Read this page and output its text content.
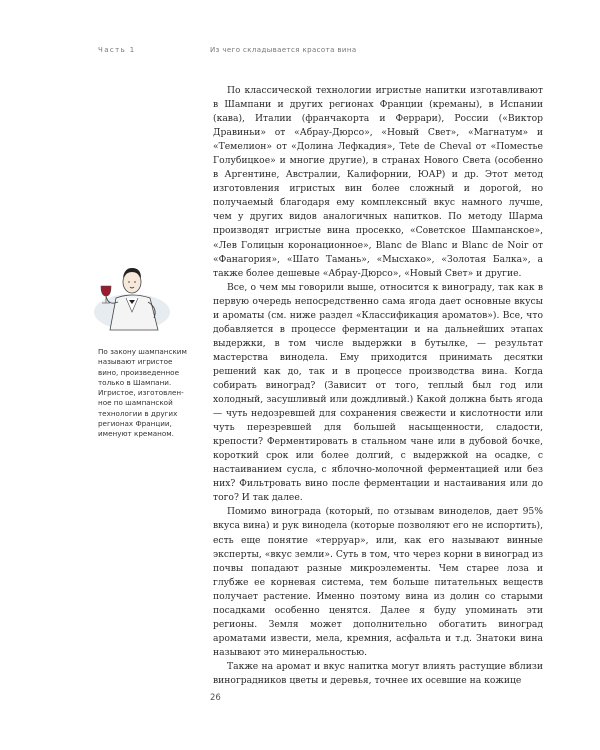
Часть 1	Из чего складывается красота вина

По классической технологии игристые напитки изготавливают в Шампани и других регионах Франции (креманы), в Испании (кава), Италии (франчакорта и Феррари), России («Виктор Дравиньи» от «Абрау-Дюрсо», «Новый Свет», «Магнатум» и «Темелион» от «Долина Лефкадия», Tete de Cheval от «Поместье Голубицкое» и многие другие), в странах Нового Света (особенно в Аргентине, Австралии, Калифорнии, ЮАР) и др. Этот метод изготовления игристых вин более сложный и дорогой, но получаемый благодаря ему комплексный вкус намного лучше, чем у других видов аналогичных напитков. По методу Шарма производят игристые вина просекко, «Советское Шампанское», «Лев Голицын коронационное», Blanc de Blanc и Blanc de Noir от «Фанагория», «Шато Тамань», «Мысхако», «Золотая Балка», а также более дешевые «Абрау-Дюрсо», «Новый Свет» и другие.

Все, о чем мы говорили выше, относится к винограду, так как в первую очередь непосредственно сама ягода дает основные вкусы и ароматы (см. ниже раздел «Классификация ароматов»). Все, что добавляется в процессе ферментации и на дальнейших этапах выдержки, в том числе выдержки в бутылке, — результат мастерства винодела. Ему приходится принимать десятки решений как до, так и в процессе производства вина. Когда собирать виноград? (Зависит от того, теплый был год или холодный, засушливый или дождливый.) Какой должна быть ягода — чуть недозревшей для сохранения свежести и кислотности или чуть перезревшей для большей насыщенности, сладости, крепости? Ферментировать в стальном чане или в дубовой бочке, короткий срок или более долгий, с выдержкой на осадке, с настаиванием сусла, с яблочно-молочной ферментацией или без них? Фильтровать вино после ферментации и настаивания или до того? И так далее.

Помимо винограда (который, по отзывам виноделов, дает 95% вкуса вина) и рук винодела (которые позволяют его не испортить), есть еще понятие «терруар», или, как его называют винные эксперты, «вкус земли». Суть в том, что через корни в виноград из почвы попадают разные микроэлементы. Чем старее лоза и глубже ее корневая система, тем больше питательных веществ получает растение. Именно поэтому вина из долин со старыми посадками особенно ценятся. Далее я буду упоминать эти регионы. Земля может дополнительно обогатить виноград ароматами извести, мела, кремния, асфальта и т.д. Знатоки вина называют это минеральностью.

Также на аромат и вкус напитка могут влиять растущие вблизи виноградников цветы и деревья, точнее их осевшие на кожице

По закону шампанским
называют игристое
вино, произведенное
только в Шампани.
Игристое, изготовлен-
ное по шампанской
технологии в других
регионах Франции,
именуют креманом.
26
